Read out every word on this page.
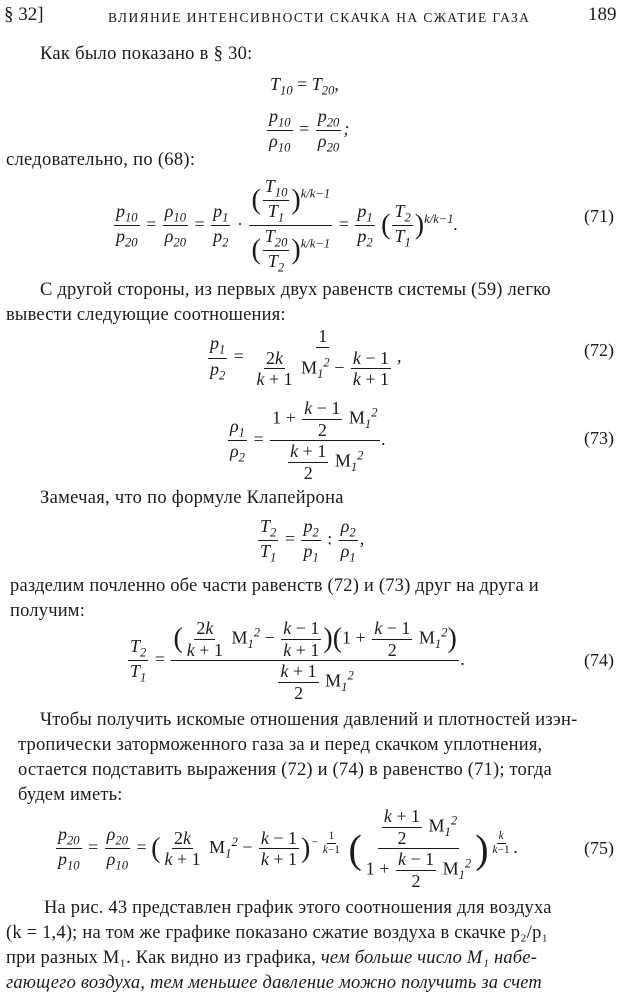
§ 32]	ВЛИЯНИЕ ИНТЕНСИВНОСТИ СКАЧКА НА СЖАТИЕ ГАЗА	189
Как было показано в § 30:
$T_{10} = T_{20}$,
$\frac{p_{10}}{\rho_{10}} = \frac{p_{20}}{\rho_{20}}$ ;
следовательно, по (68):
$\frac{p_{10}}{p_{20}} = \frac{\rho_{10}}{\rho_{20}} = \frac{p_1}{p_2} \cdot \frac{( \frac{T_{10}}{T_1} )^{k/k-1}}{( \frac{T_{20}}{T_2} )^{k/k-1}} = \frac{p_1}{p_2}$ ( $\frac{T_2}{T_1} )^{k/k-1}$.	(71)
С другой стороны, из первых двух равенств системы (59) легко
вывести следующие соотношения:
$\frac{p_1}{p_2} = \frac{1}{\frac{2k}{k + 1} M_1^2 - \frac{k - 1}{k + 1}}$ ,	(72)
$\frac{\rho_1}{\rho_2} = \frac{1 + \frac{k - 1}{2} M_1^2}{\frac{k + 1}{2} M_1^2}$ .	(73)
Замечая, что по формуле Клапейрона
$\frac{T_2}{T_1} = \frac{p_2}{p_1}$ : $\frac{\rho_2}{\rho_1}$ ,
разделим почленно обе части равенств (72) и (73) друг на друга и
получим:
$\frac{T_2}{T_1} = \frac{( \frac{2k}{k + 1} M_1^2 - \frac{k - 1}{k + 1} )(1 + \frac{k - 1}{2} M_1^2)}{\frac{k + 1}{2} M_1^2}$ .	(74)
Чтобы получить искомые отношения давлений и плотностей изэн-
тропически заторможенного газа за и перед скачком уплотнения,
остается подставить выражения (72) и (74) в равенство (71); тогда
будем иметь:
$\frac{p_{20}}{p_{10}} = \frac{\rho_{20}}{\rho_{10}}$ = ( $\frac{2k}{k + 1} M_1^2 - \frac{k - 1}{k + 1} )^{- \frac{1}{k-1}}$ ( $\frac{\frac{k + 1}{2} M_1^2}{1 + \frac{k - 1}{2} M_1^2}$ ) $^{\frac{k}{k-1}}$ .	(75)
На рис. 43 представлен график этого соотношения для воздуха
(k = 1,4); на том же графике показано сжатие воздуха в скачке p₂/p₁
при разных M₁. Как видно из графика, чем больше число M₁ набе-
гающего воздуха, тем меньшее давление можно получить за счет
